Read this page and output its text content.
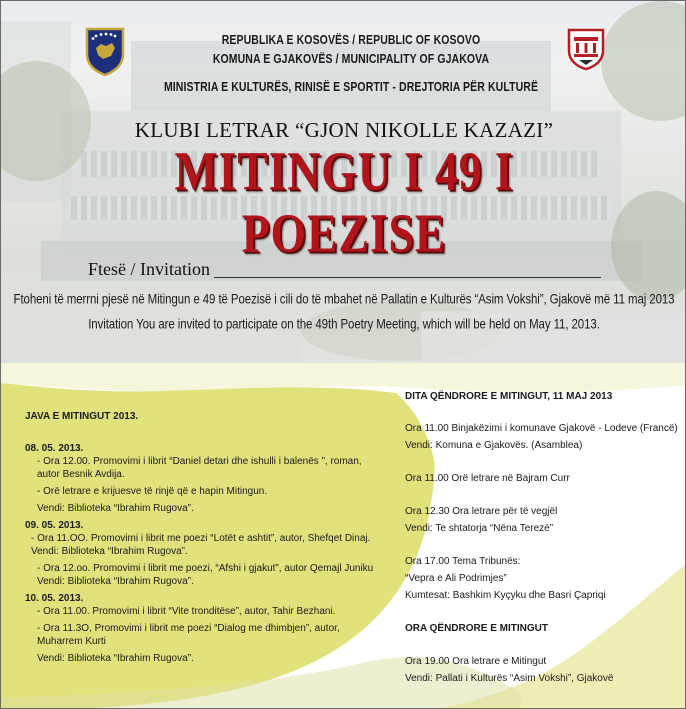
REPUBLIKA E KOSOVËS / REPUBLIC OF KOSOVO
KOMUNA E GJAKOVËS / MUNICIPALITY OF GJAKOVA
MINISTRIA E KULTURËS, RINISË E SPORTIT - DREJTORIA PËR KULTURË
KLUBI LETRAR “GJON NIKOLLE KAZAZI”
MITINGU I 49 I POEZISE
Ftesë / Invitation
Ftoheni të merrni pjesë në Mitingun e 49 të Poezisë i cili do të mbahet në Pallatin e Kulturës “Asim Vokshi”, Gjakovë më 11 maj 2013
Invitation You are invited to participate on the 49th Poetry Meeting, which will be held on May 11, 2013.
JAVA E MITINGUT 2013.
08. 05. 2013.
- Ora 12.00. Promovimi i librit “Daniel detari dhe ishulli i balenës ”, roman,
autor Besnik Avdija.
- Orë letrare e krijuesve të rinjë që e hapin Mitingun.
Vendi: Biblioteka “Ibrahim Rugova”.
09. 05. 2013.
- Ora 11.OO. Promovimi i librit me poezi “Lotët e ashtit”, autor, Shefqet Dinaj.
Vendi: Biblioteka “Ibrahim Rugova”.
- Ora 12.oo. Promovimi i librit me poezi, “Afshi i gjakut”, autor Qemajl Juniku
Vendi: Biblioteka “Ibrahim Rugova”.
10. 05. 2013.
- Ora 11.00. Promovimi i librit “Vite tronditëse”, autor, Tahir Bezhani.
- Ora 11.3O, Promovimi i librit me poezi “Dialog me dhimbjen”, autor,
Muharrem Kurti
Vendi: Biblioteka “Ibrahim Rugova”.
DITA QËNDRORE E MITINGUT, 11 MAJ 2013
Ora 11.00 Binjakëzimi i komunave Gjakovë - Lodeve (Francë)
Vendi: Komuna e Gjakovës. (Asamblea)
Ora 11.00 Orë letrare në Bajram Curr
Ora 12.30 Ora letrare për të vegjël
Vendi: Te shtatorja “Nëna Terezë”
Ora 17.00 Tema Tribunës:
“Vepra e Ali Podrimjes”
Kumtesat: Bashkim Kyçyku dhe Basri Çapriqi
ORA QËNDRORE E MITINGUT
Ora 19.00 Ora letrare e Mitingut
Vendi: Pallati i Kulturës “Asim Vokshi”, Gjakovë
